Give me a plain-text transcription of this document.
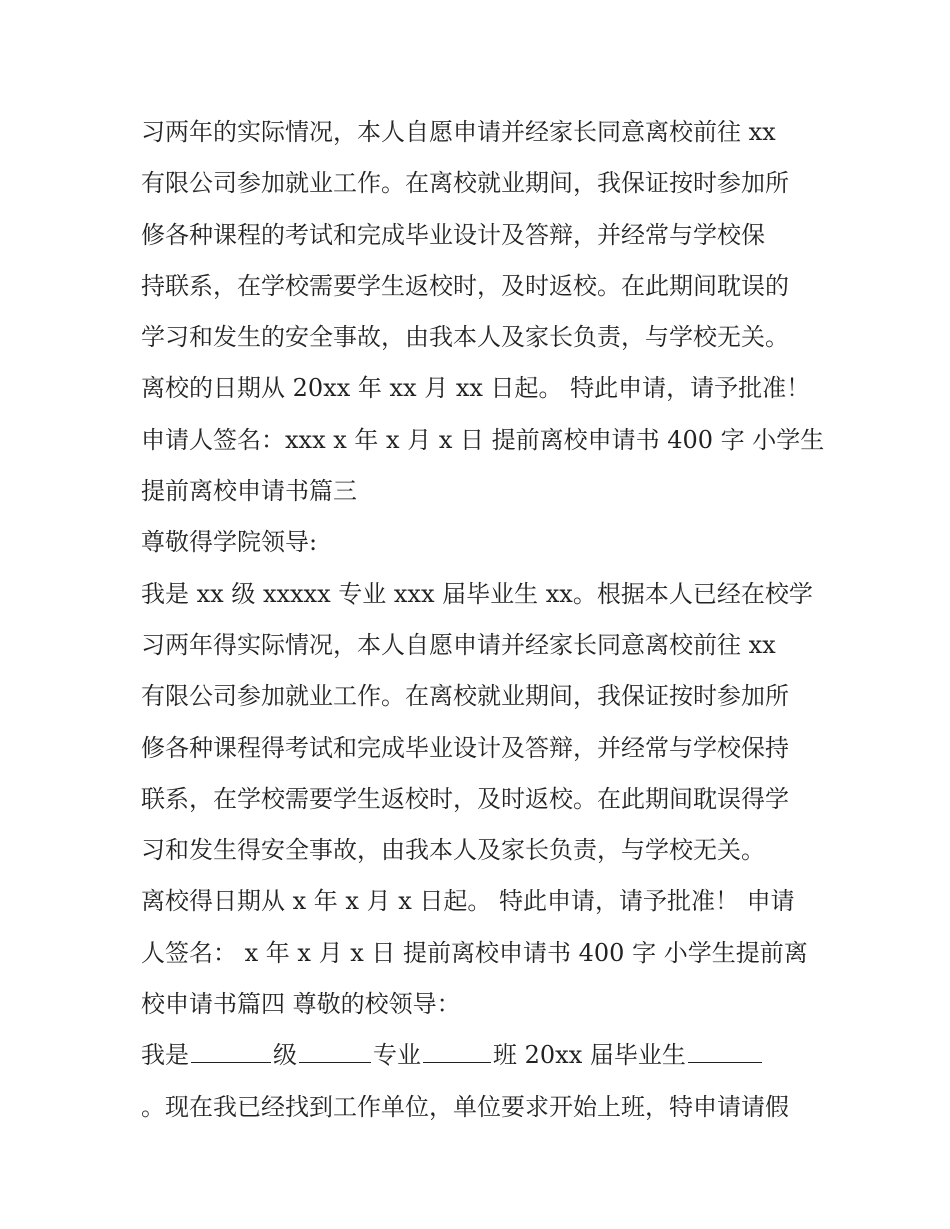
习两年的实际情况，本人自愿申请并经家长同意离校前往 xx
有限公司参加就业工作。在离校就业期间，我保证按时参加所
修各种课程的考试和完成毕业设计及答辩，并经常与学校保
持联系，在学校需要学生返校时，及时返校。在此期间耽误的
学习和发生的安全事故，由我本人及家长负责，与学校无关。
离校的日期从 20xx 年 xx 月 xx 日起。 特此申请，请予批准！
申请人签名：xxx x 年 x 月 x 日 提前离校申请书 400 字 小学生
提前离校申请书篇三
尊敬得学院领导:
我是 xx 级 xxxxx 专业 xxx 届毕业生 xx。根据本人已经在校学
习两年得实际情况，本人自愿申请并经家长同意离校前往 xx
有限公司参加就业工作。在离校就业期间，我保证按时参加所
修各种课程得考试和完成毕业设计及答辩，并经常与学校保持
联系，在学校需要学生返校时，及时返校。在此期间耽误得学
习和发生得安全事故，由我本人及家长负责，与学校无关。
离校得日期从 x 年 x 月 x 日起。 特此申请，请予批准！ 申请
人签名： x 年 x 月 x 日 提前离校申请书 400 字 小学生提前离
校申请书篇四 尊敬的校领导：
我是	级	专业	班 20xx 届毕业生
。现在我已经找到工作单位，单位要求开始上班，特申请请假
